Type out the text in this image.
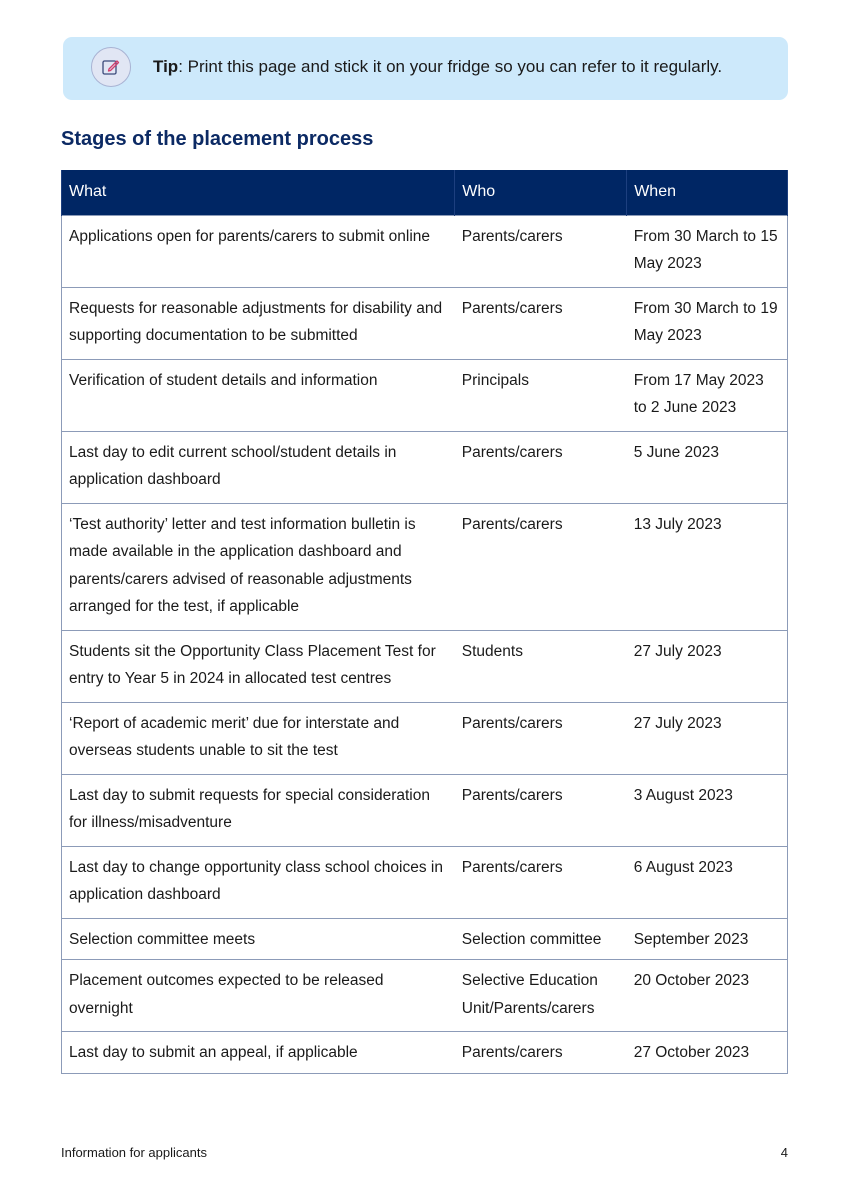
Tip: Print this page and stick it on your fridge so you can refer to it regularly.
Stages of the placement process
What	Who	When
Applications open for parents/carers to submit online	Parents/carers	From 30 March to 15 May 2023
Requests for reasonable adjustments for disability and supporting documentation to be submitted	Parents/carers	From 30 March to 19 May 2023
Verification of student details and information	Principals	From 17 May 2023 to 2 June 2023
Last day to edit current school/student details in application dashboard	Parents/carers	5 June 2023
‘Test authority’ letter and test information bulletin is made available in the application dashboard and parents/carers advised of reasonable adjustments arranged for the test, if applicable	Parents/carers	13 July 2023
Students sit the Opportunity Class Placement Test for entry to Year 5 in 2024 in allocated test centres	Students	27 July 2023
‘Report of academic merit’ due for interstate and overseas students unable to sit the test	Parents/carers	27 July 2023
Last day to submit requests for special consideration for illness/misadventure	Parents/carers	3 August 2023
Last day to change opportunity class school choices in application dashboard	Parents/carers	6 August 2023
Selection committee meets	Selection committee	September 2023
Placement outcomes expected to be released overnight	Selective Education Unit/Parents/carers	20 October 2023
Last day to submit an appeal, if applicable	Parents/carers	27 October 2023
Information for applicants	4
